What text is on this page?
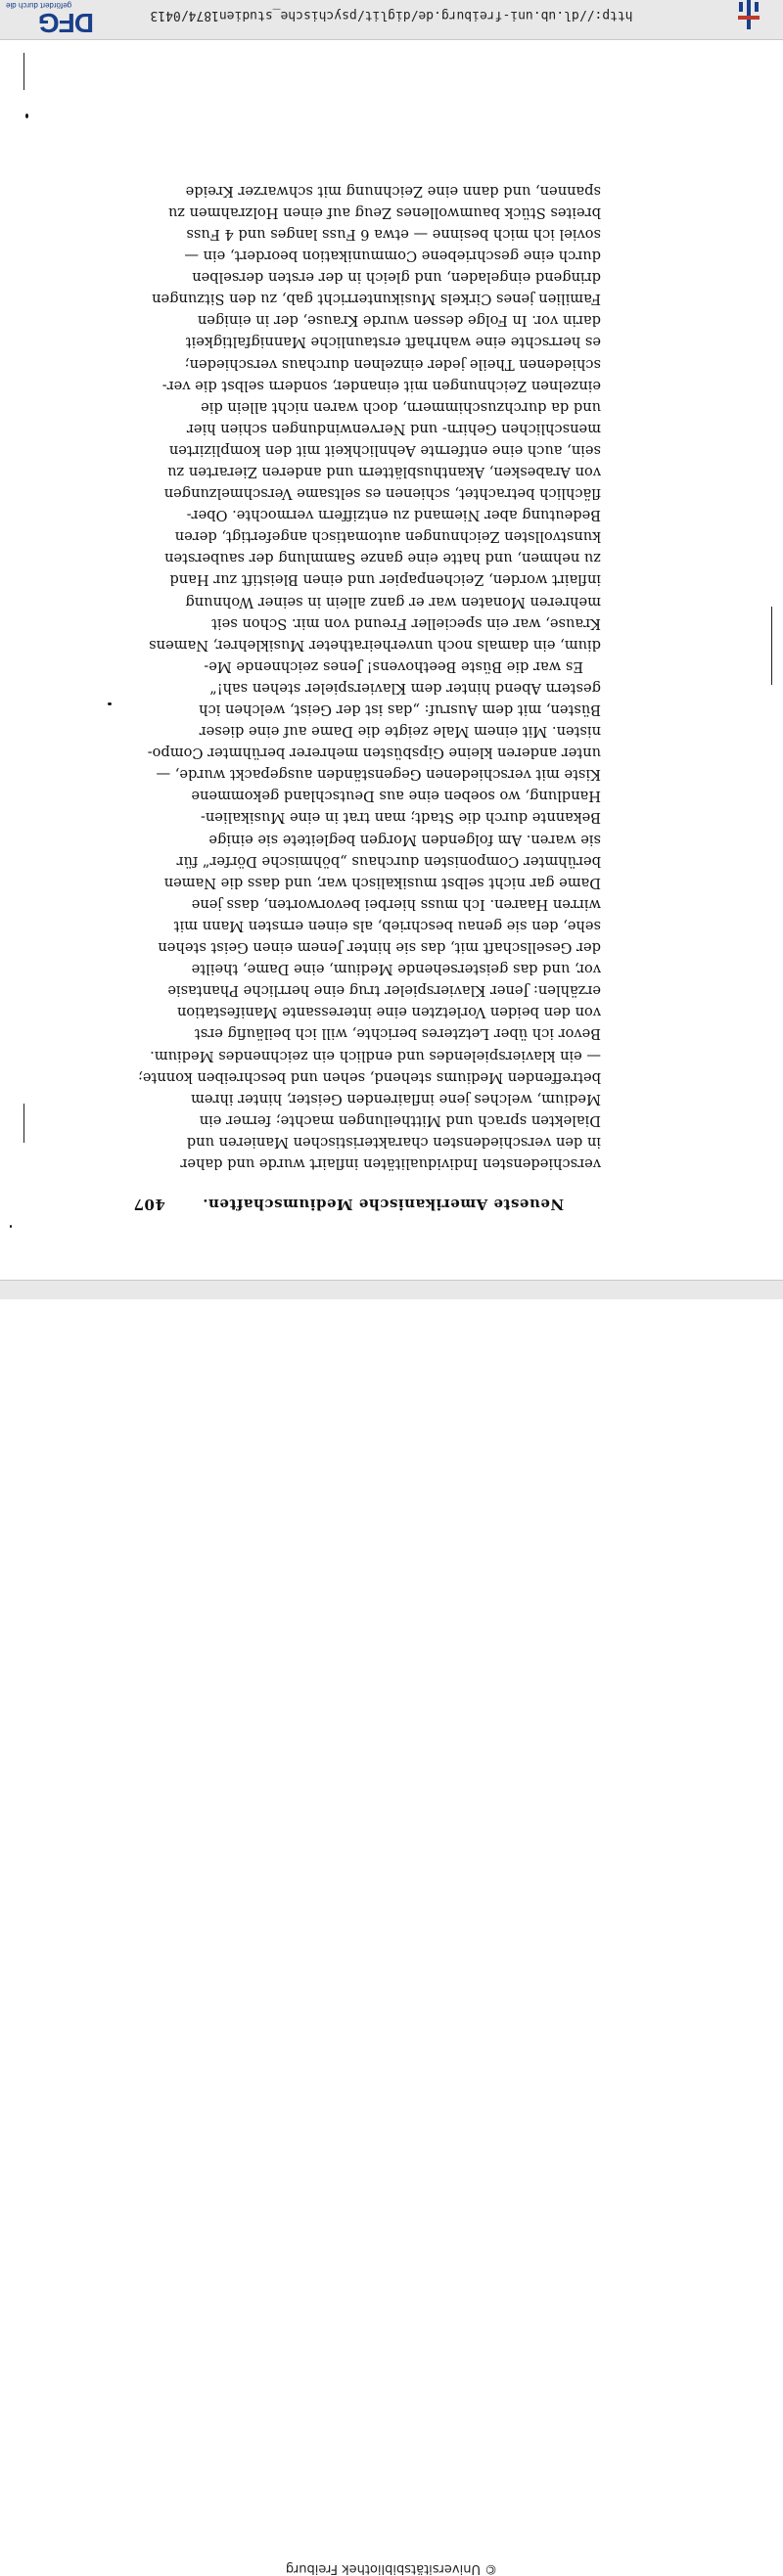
http://dl.ub.uni-freiburg.de/diglit/psychische_studien1874/0413
DFG
gefördert durch die
Neueste Amerikanische Mediumschaften.
407
verschiedensten Individualitäten inflairt wurde und daher
in den verschiedensten charakteristischen Manieren und
Dialekten sprach und Mittheilungen machte; ferner ein
Medium, welches jene inflairenden Geister, hinter ihrem
betreffenden Mediums stehend, sehen und beschreiben konnte;
— ein klavierspielendes und endlich ein zeichnendes Medium.
Bevor ich über Letzteres berichte, will ich beiläufig erst
von den beiden Vorletzten eine interessante Manifestation
erzählen: Jener Klavierspieler trug eine herrliche Phantasie
vor, und das geistersehende Medium, eine Dame, theilte
der Gesellschaft mit, das sie hinter Jenem einen Geist stehen
sehe, den sie genau beschrieb, als einen ernsten Mann mit
wirren Haaren. Ich muss hierbei bevorworten, dass jene
Dame gar nicht selbst musikalisch war, und dass die Namen
berühmter Componisten durchaus „böhmische Dörfer“ für
sie waren. Am folgenden Morgen begleitete sie einige
Bekannte durch die Stadt; man trat in eine Musikalien-
Handlung, wo soeben eine aus Deutschland gekommene
Kiste mit verschiedenen Gegenständen ausgepackt wurde, —
unter anderen kleine Gipsbüsten mehrerer berühmter Compo-
nisten. Mit einem Male zeigte die Dame auf eine dieser
Büsten, mit dem Ausruf: „das ist der Geist, welchen ich
gestern Abend hinter dem Klavierspieler stehen sah!“
Es war die Büste Beethovens! Jenes zeichnende Me-
dium, ein damals noch unverheiratheter Musiklehrer, Namens
Krause, war ein specieller Freund von mir. Schon seit
mehreren Monaten war er ganz allein in seiner Wohnung
inflairt worden, Zeichenpapier und einen Bleistift zur Hand
zu nehmen, und hatte eine ganze Sammlung der saubersten
kunstvollsten Zeichnungen automatisch angefertigt, deren
Bedeutung aber Niemand zu entziffern vermochte. Ober-
flächlich betrachtet, schienen es seltsame Verschmelzungen
von Arabesken, Akanthusblättern und anderen Zierarten zu
sein, auch eine entfernte Aehnlichkeit mit den komplizirten
menschlichen Gehirn- und Nervenwindungen schien hier
und da durchzuschimmern, doch waren nicht allein die
einzelnen Zeichnungen mit einander, sondern selbst die ver-
schiedenen Theile jeder einzelnen durchaus verschieden;
es herrschte eine wahrhaft erstaunliche Mannigfaltigkeit
darin vor. In Folge dessen wurde Krause, der in einigen
Familien jenes Cirkels Musikunterricht gab, zu den Sitzungen
dringend eingeladen, und gleich in der ersten derselben
durch eine geschriebene Communikation beordert, ein —
soviel ich mich besinne — etwa 6 Fuss langes und 4 Fuss
breites Stück baumwollenes Zeug auf einen Holzrahmen zu
spannen, und dann eine Zeichnung mit schwarzer Kreide
© Universitätsbibliothek Freiburg
